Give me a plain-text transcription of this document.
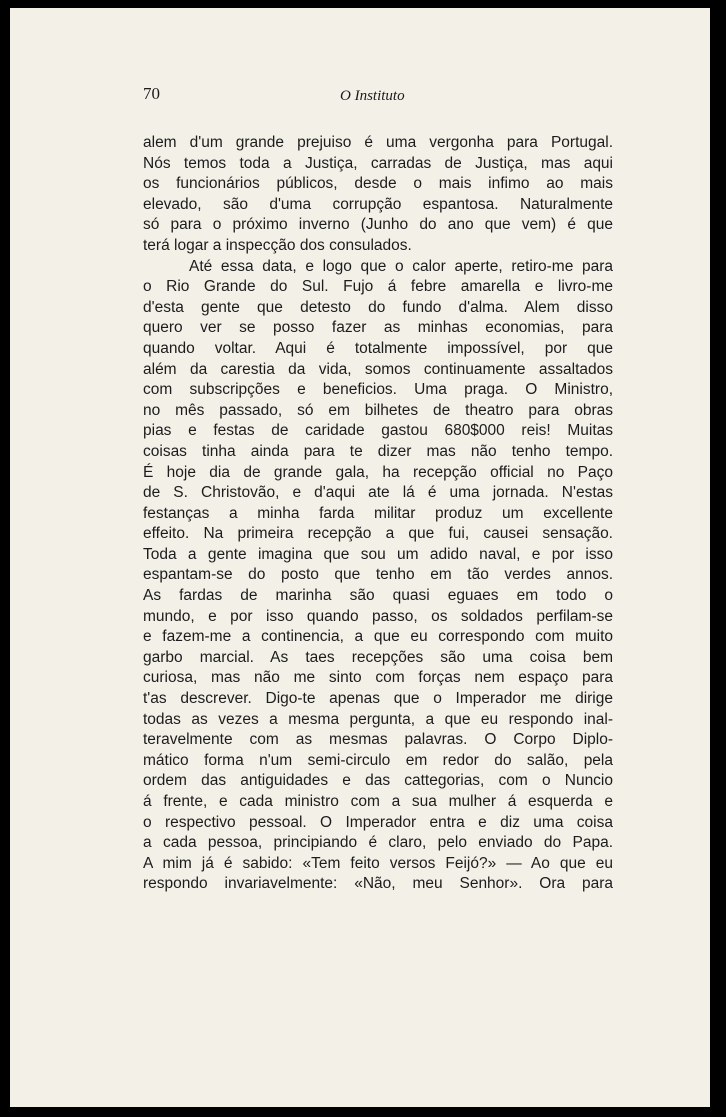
70	O Instituto
alem d'um grande prejuiso é uma vergonha para Portugal.
Nós temos toda a Justiça, carradas de Justiça, mas aqui
os funcionários públicos, desde o mais infimo ao mais
elevado, são d'uma corrupção espantosa. Naturalmente
só para o próximo inverno (Junho do ano que vem) é que
terá logar a inspecção dos consulados.
Até essa data, e logo que o calor aperte, retiro-me para
o Rio Grande do Sul. Fujo á febre amarella e livro-me
d'esta gente que detesto do fundo d'alma. Alem disso
quero ver se posso fazer as minhas economias, para
quando voltar. Aqui é totalmente impossível, por que
além da carestia da vida, somos continuamente assaltados
com subscripções e beneficios. Uma praga. O Ministro,
no mês passado, só em bilhetes de theatro para obras
pias e festas de caridade gastou 680$000 reis! Muitas
coisas tinha ainda para te dizer mas não tenho tempo.
É hoje dia de grande gala, ha recepção official no Paço
de S. Christovão, e d'aqui ate lá é uma jornada. N'estas
festanças a minha farda militar produz um excellente
effeito. Na primeira recepção a que fui, causei sensação.
Toda a gente imagina que sou um adido naval, e por isso
espantam-se do posto que tenho em tão verdes annos.
As fardas de marinha são quasi eguaes em todo o
mundo, e por isso quando passo, os soldados perfilam-se
e fazem-me a continencia, a que eu correspondo com muito
garbo marcial. As taes recepções são uma coisa bem
curiosa, mas não me sinto com forças nem espaço para
t'as descrever. Digo-te apenas que o Imperador me dirige
todas as vezes a mesma pergunta, a que eu respondo inal-
teravelmente com as mesmas palavras. O Corpo Diplo-
mático forma n'um semi-circulo em redor do salão, pela
ordem das antiguidades e das cattegorias, com o Nuncio
á frente, e cada ministro com a sua mulher á esquerda e
o respectivo pessoal. O Imperador entra e diz uma coisa
a cada pessoa, principiando é claro, pelo enviado do Papa.
A mim já é sabido: «Tem feito versos Feijó?» — Ao que eu
respondo invariavelmente: «Não, meu Senhor». Ora para
